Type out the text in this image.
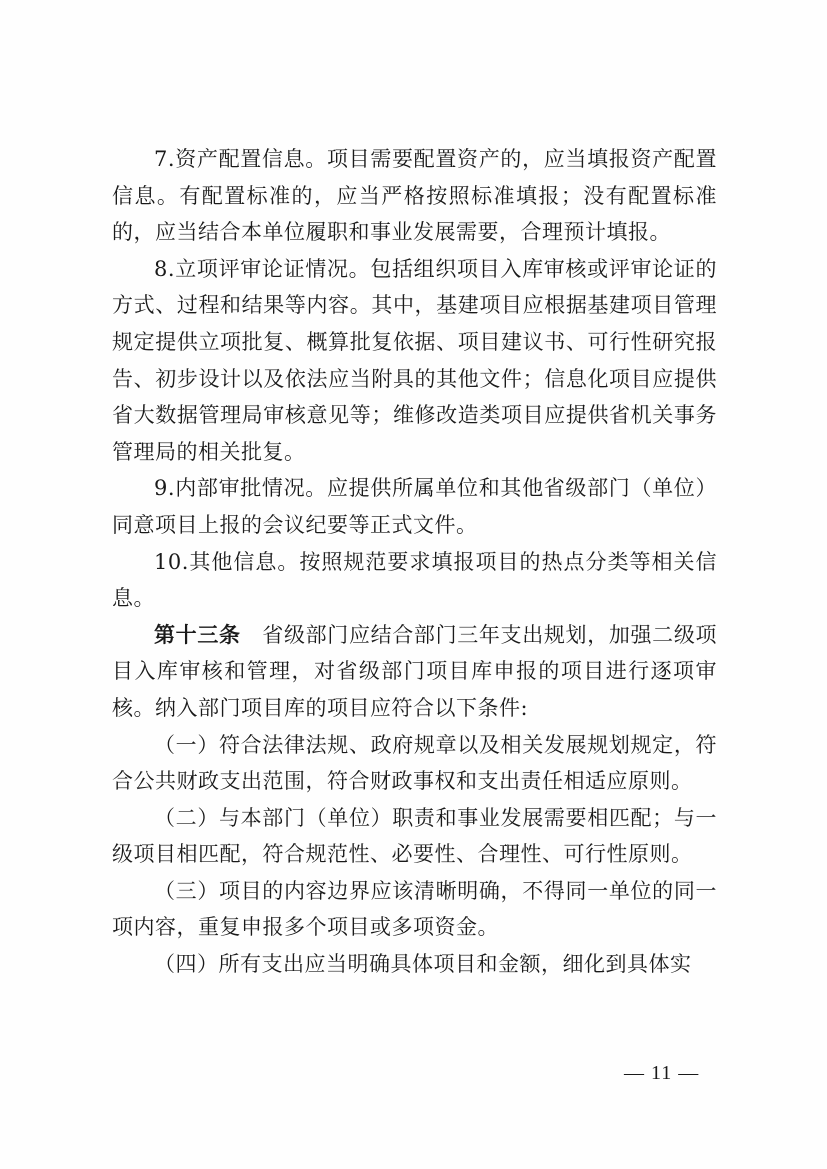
7.资产配置信息。项目需要配置资产的，应当填报资产配置信息。有配置标准的，应当严格按照标准填报；没有配置标准的，应当结合本单位履职和事业发展需要，合理预计填报。

8.立项评审论证情况。包括组织项目入库审核或评审论证的方式、过程和结果等内容。其中，基建项目应根据基建项目管理规定提供立项批复、概算批复依据、项目建议书、可行性研究报告、初步设计以及依法应当附具的其他文件；信息化项目应提供省大数据管理局审核意见等；维修改造类项目应提供省机关事务管理局的相关批复。

9.内部审批情况。应提供所属单位和其他省级部门（单位）同意项目上报的会议纪要等正式文件。

10.其他信息。按照规范要求填报项目的热点分类等相关信息。

第十三条  省级部门应结合部门三年支出规划，加强二级项目入库审核和管理，对省级部门项目库申报的项目进行逐项审核。纳入部门项目库的项目应符合以下条件:

（一）符合法律法规、政府规章以及相关发展规划规定，符合公共财政支出范围，符合财政事权和支出责任相适应原则。

（二）与本部门（单位）职责和事业发展需要相匹配；与一级项目相匹配，符合规范性、必要性、合理性、可行性原则。

（三）项目的内容边界应该清晰明确，不得同一单位的同一项内容，重复申报多个项目或多项资金。

（四）所有支出应当明确具体项目和金额，细化到具体实

— 11 —
